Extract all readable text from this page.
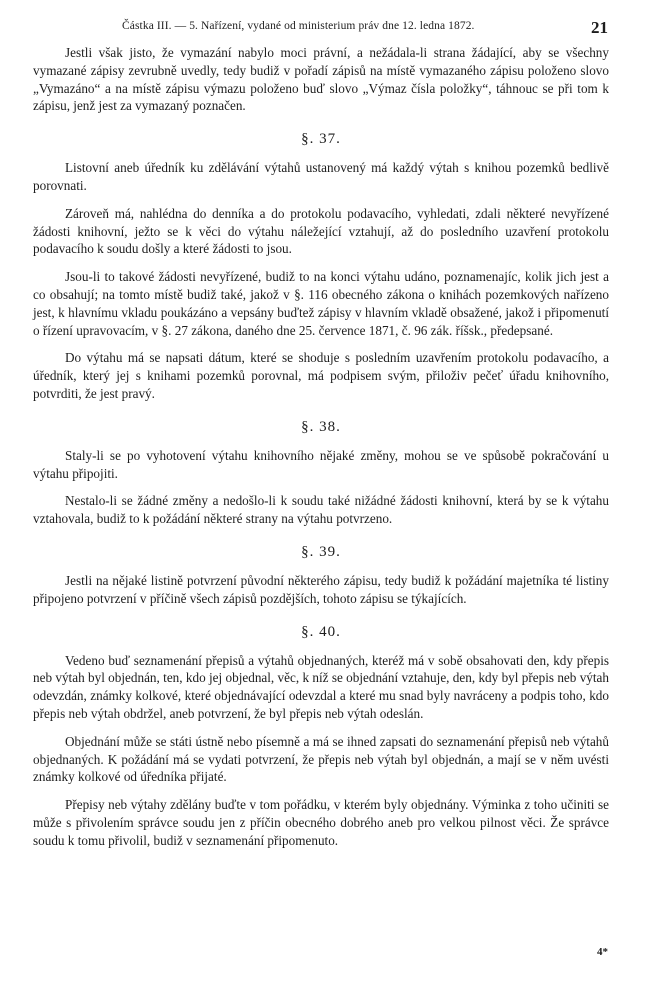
Částka III. — 5. Nařízení, vydané od ministerium práv dne 12. ledna 1872.	21

Jestli však jisto, že vymazání nabylo moci právní, a nežádala-li strana žádající, aby se všechny vymazané zápisy zevrubně uvedly, tedy budiž v pořadí zápisů na místě vymazaného zápisu položeno slovo „Vymazáno“ a na místě zápisu výmazu položeno buď slovo „Výmaz čísla položky“, táhnouc se při tom k zápisu, jenž jest za vymazaný poznačen.

§. 37.

Listovní aneb úředník ku zdělávání výtahů ustanovený má každý výtah s knihou pozemků bedlivě porovnati.

Zároveň má, nahlédna do denníka a do protokolu podavacího, vyhledati, zdali některé nevyřízené žádosti knihovní, ježto se k věci do výtahu náležející vztahují, až do posledního uzavření protokolu podavacího k soudu došly a které žádosti to jsou.

Jsou-li to takové žádosti nevyřízené, budiž to na konci výtahu udáno, poznamenajíc, kolik jich jest a co obsahují; na tomto místě budiž také, jakož v §. 116 obecného zákona o knihách pozemkových nařízeno jest, k hlavnímu vkladu poukázáno a vepsány buďtež zápisy v hlavním vkladě obsažené, jakož i připomenutí o řízení upravovacím, v §. 27 zákona, daného dne 25. července 1871, č. 96 zák. říšsk., předepsané.

Do výtahu má se napsati dátum, které se shoduje s posledním uzavřením protokolu podavacího, a úředník, který jej s knihami pozemků porovnal, má podpisem svým, přiloživ pečeť úřadu knihovního, potvrditi, že jest pravý.

§. 38.

Staly-li se po vyhotovení výtahu knihovního nějaké změny, mohou se ve spůsobě pokračování u výtahu připojiti.

Nestalo-li se žádné změny a nedošlo-li k soudu také nižádné žádosti knihovní, která by se k výtahu vztahovala, budiž to k požádání některé strany na výtahu potvrzeno.

§. 39.

Jestli na nějaké listině potvrzení původní některého zápisu, tedy budiž k požádání majetníka té listiny připojeno potvrzení v příčině všech zápisů pozdějších, tohoto zápisu se týkajících.

§. 40.

Vedeno buď seznamenání přepisů a výtahů objednaných, kteréž má v sobě obsahovati den, kdy přepis neb výtah byl objednán, ten, kdo jej objednal, věc, k níž se objednání vztahuje, den, kdy byl přepis neb výtah odevzdán, známky kolkové, které objednávající odevzdal a které mu snad byly navráceny a podpis toho, kdo přepis neb výtah obdržel, aneb potvrzení, že byl přepis neb výtah odeslán.

Objednání může se státi ústně nebo písemně a má se ihned zapsati do seznamenání přepisů neb výtahů objednaných. K požádání má se vydati potvrzení, že přepis neb výtah byl objednán, a mají se v něm uvésti známky kolkové od úředníka přijaté.

Přepisy neb výtahy zdělány buďte v tom pořádku, v kterém byly objednány. Výminka z toho učiniti se může s přivolením správce soudu jen z příčin obecného dobrého aneb pro velkou pilnost věci. Že správce soudu k tomu přivolil, budiž v seznamenání připomenuto.

4*
